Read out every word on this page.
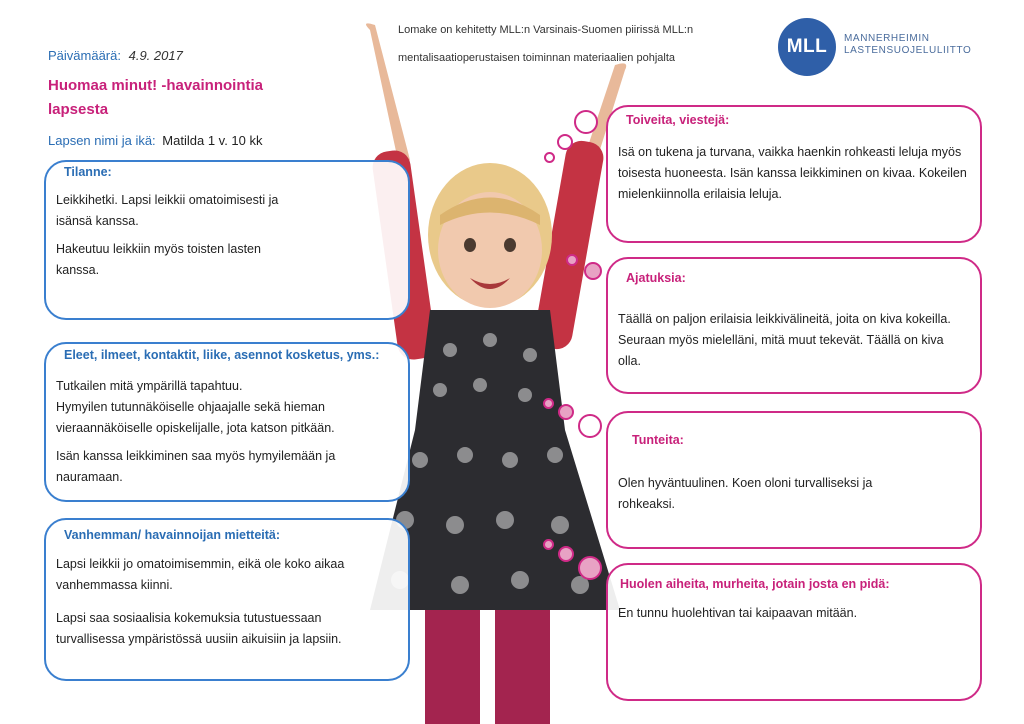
Päivämäärä: 4.9. 2017
Huomaa minut! -havainnointia lapsesta
Lapsen nimi ja ikä: Matilda 1 v. 10 kk
Lomake on kehitetty MLL:n Varsinais-Suomen piirissä MLL:n
mentalisaatioperustaisen toiminnan materiaalien pohjalta
MLL	MANNERHEIMIN
LASTENSUOJELULIITTO
Tilanne:

Leikkihetki. Lapsi leikkii omatoimisesti ja isänsä kanssa.

Hakeutuu leikkiin myös toisten lasten kanssa.

Eleet, ilmeet, kontaktit, liike, asennot kosketus, yms.:

Tutkailen mitä ympärillä tapahtuu.

Hymyilen tutunnäköiselle ohjaajalle sekä hieman vieraannäköiselle opiskelijalle, jota katson pitkään.

Isän kanssa leikkiminen saa myös hymyilemään ja nauramaan.

Vanhemman/ havainnoijan mietteitä:

Lapsi leikkii jo omatoimisemmin, eikä ole koko aikaa vanhemmassa kiinni.

Lapsi saa sosiaalisia kokemuksia tutustuessaan turvallisessa ympäristössä uusiin aikuisiin ja lapsiin.

Toiveita, viestejä:

Isä on tukena ja turvana, vaikka haenkin rohkeasti leluja myös toisesta huoneesta. Isän kanssa leikkiminen on kivaa. Kokeilen mielenkiinnolla erilaisia leluja.

Ajatuksia:

Täällä on paljon erilaisia leikkivälineitä, joita on kiva kokeilla. Seuraan myös mielelläni, mitä muut tekevät. Täällä on kiva olla.

Tunteita:

Olen hyväntuulinen. Koen oloni turvalliseksi ja rohkeaksi.

Huolen aiheita, murheita, jotain josta en pidä:

En tunnu huolehtivan tai kaipaavan mitään.
